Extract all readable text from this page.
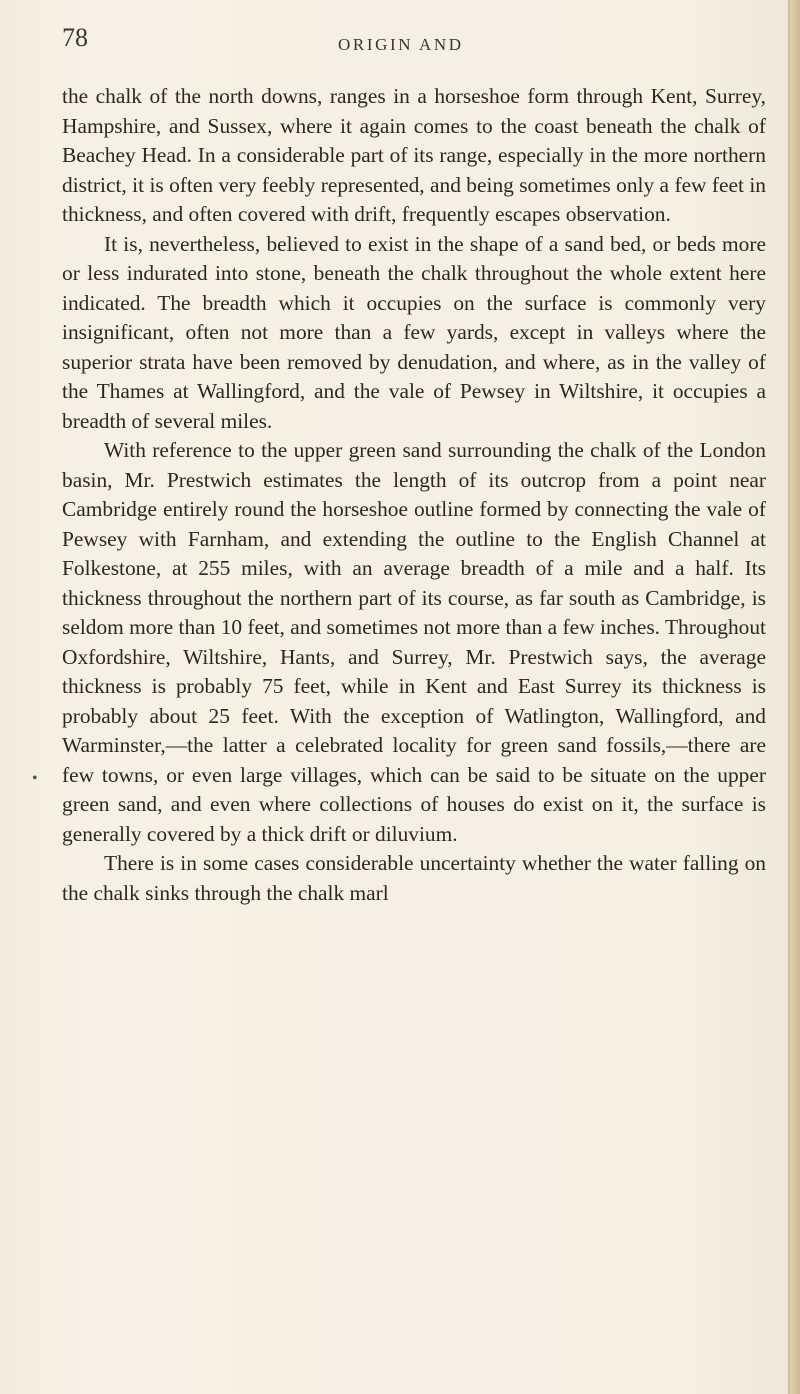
78	ORIGIN AND
•

the chalk of the north downs, ranges in a horseshoe form through Kent, Surrey, Hampshire, and Sussex, where it again comes to the coast beneath the chalk of Beachey Head. In a considerable part of its range, especially in the more northern district, it is often very feebly represented, and being sometimes only a few feet in thickness, and often covered with drift, frequently escapes observation.

It is, nevertheless, believed to exist in the shape of a sand bed, or beds more or less indurated into stone, beneath the chalk throughout the whole extent here indicated. The breadth which it occupies on the surface is commonly very insignificant, often not more than a few yards, except in valleys where the superior strata have been removed by denudation, and where, as in the valley of the Thames at Wallingford, and the vale of Pewsey in Wiltshire, it occupies a breadth of several miles.

With reference to the upper green sand surrounding the chalk of the London basin, Mr. Prestwich estimates the length of its outcrop from a point near Cambridge entirely round the horseshoe outline formed by connecting the vale of Pewsey with Farnham, and extending the outline to the English Channel at Folkestone, at 255 miles, with an average breadth of a mile and a half. Its thickness throughout the northern part of its course, as far south as Cambridge, is seldom more than 10 feet, and sometimes not more than a few inches. Throughout Oxfordshire, Wiltshire, Hants, and Surrey, Mr. Prestwich says, the average thickness is probably 75 feet, while in Kent and East Surrey its thickness is probably about 25 feet. With the exception of Watlington, Wallingford, and Warminster,—the latter a celebrated locality for green sand fossils,—there are few towns, or even large villages, which can be said to be situate on the upper green sand, and even where collections of houses do exist on it, the surface is generally covered by a thick drift or diluvium.

There is in some cases considerable uncertainty whether the water falling on the chalk sinks through the chalk marl
